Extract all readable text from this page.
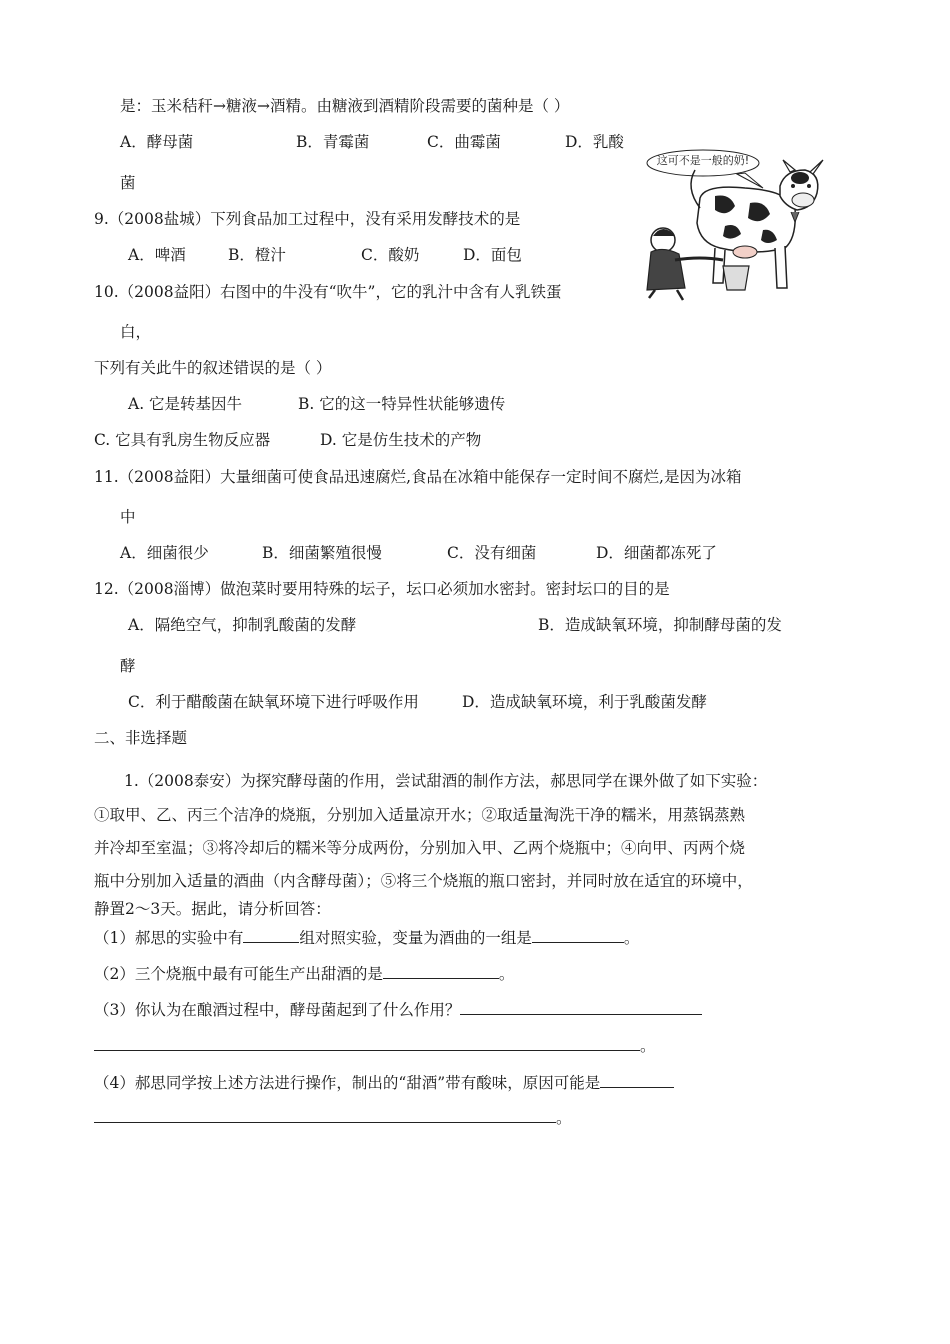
是：玉米秸秆→糖液→酒精。由糖液到酒精阶段需要的菌种是（ ）
A．酵母菌	B．青霉菌	C．曲霉菌	D．乳酸
菌
9.（2008盐城）下列食品加工过程中，没有采用发酵技术的是
A．啤酒	B．橙汁	C．酸奶	D．面包
10.（2008益阳）右图中的牛没有“吹牛”，它的乳汁中含有人乳铁蛋
白，
下列有关此牛的叙述错误的是（ ）
A. 它是转基因牛	B. 它的这一特异性状能够遗传
C. 它具有乳房生物反应器	D. 它是仿生技术的产物
这可不是一般的奶!
11.（2008益阳）大量细菌可使食品迅速腐烂,食品在冰箱中能保存一定时间不腐烂,是因为冰箱
中
A．细菌很少	B．细菌繁殖很慢	C．没有细菌	D．细菌都冻死了
12.（2008淄博）做泡菜时要用特殊的坛子，坛口必须加水密封。密封坛口的目的是
A．隔绝空气，抑制乳酸菌的发酵	B．造成缺氧环境，抑制酵母菌的发
酵
C．利于醋酸菌在缺氧环境下进行呼吸作用	D．造成缺氧环境，利于乳酸菌发酵
二、非选择题
1.（2008泰安）为探究酵母菌的作用，尝试甜酒的制作方法，郝思同学在课外做了如下实验：
①取甲、乙、丙三个洁净的烧瓶，分别加入适量凉开水；②取适量淘洗干净的糯米，用蒸锅蒸熟
并冷却至室温；③将冷却后的糯米等分成两份，分别加入甲、乙两个烧瓶中；④向甲、丙两个烧
瓶中分别加入适量的酒曲（内含酵母菌）；⑤将三个烧瓶的瓶口密封，并同时放在适宜的环境中，
静置2～3天。据此，请分析回答：
（1）郝思的实验中有	组对照实验，变量为酒曲的一组是	。
（2）三个烧瓶中最有可能生产出甜酒的是	。
（3）你认为在酿酒过程中，酵母菌起到了什么作用？
。
（4）郝思同学按上述方法进行操作，制出的“甜酒”带有酸味，原因可能是
。
